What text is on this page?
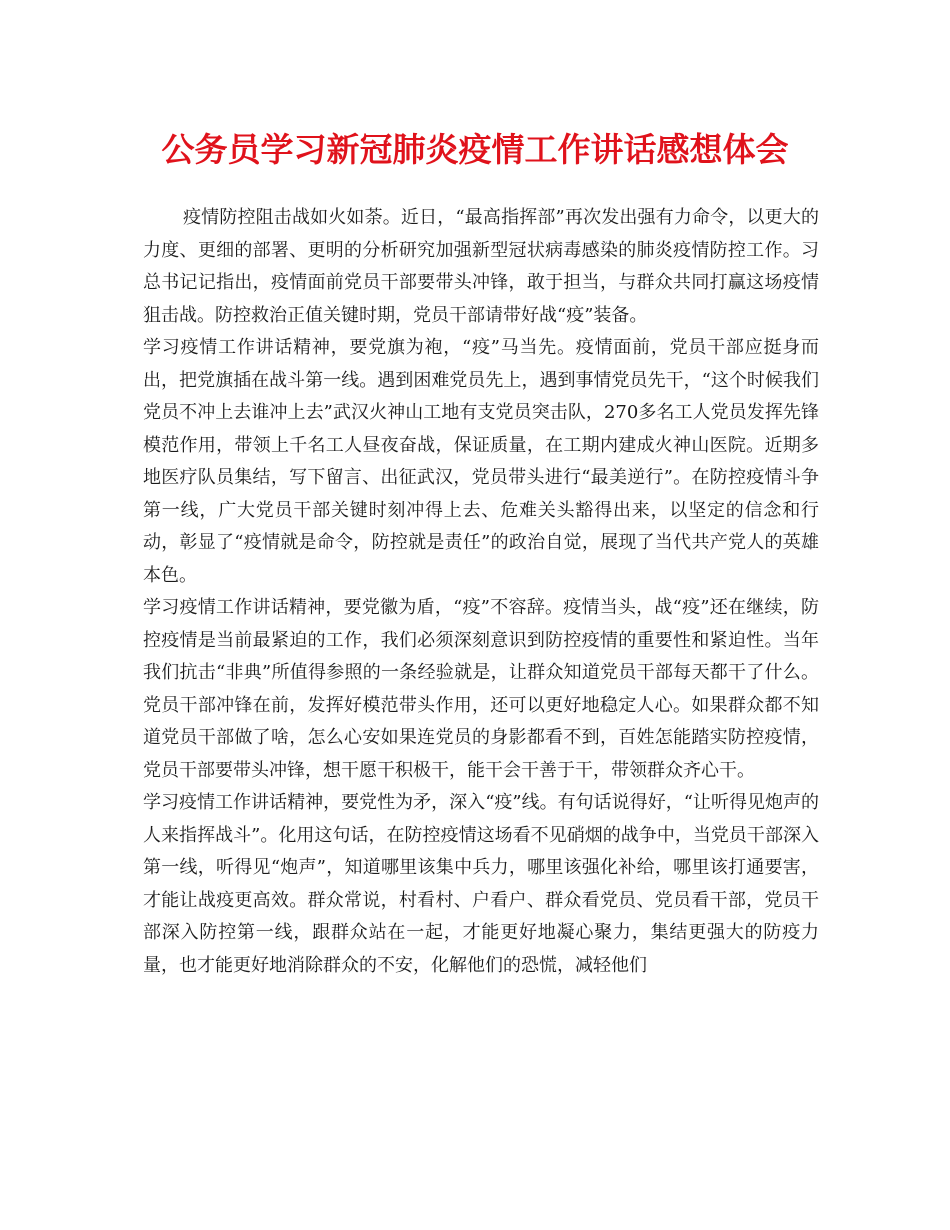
公务员学习新冠肺炎疫情工作讲话感想体会

疫情防控阻击战如火如荼。近日，“最高指挥部”再次发出强有力命令，以更大的力度、更细的部署、更明的分析研究加强新型冠状病毒感染的肺炎疫情防控工作。习总书记记指出，疫情面前党员干部要带头冲锋，敢于担当，与群众共同打赢这场疫情狙击战。防控救治正值关键时期，党员干部请带好战“疫”装备。

学习疫情工作讲话精神，要党旗为袍，“疫”马当先。疫情面前，党员干部应挺身而出，把党旗插在战斗第一线。遇到困难党员先上，遇到事情党员先干，“这个时候我们党员不冲上去谁冲上去”武汉火神山工地有支党员突击队，270多名工人党员发挥先锋模范作用，带领上千名工人昼夜奋战，保证质量，在工期内建成火神山医院。近期多地医疗队员集结，写下留言、出征武汉，党员带头进行“最美逆行”。在防控疫情斗争第一线，广大党员干部关键时刻冲得上去、危难关头豁得出来，以坚定的信念和行动，彰显了“疫情就是命令，防控就是责任”的政治自觉，展现了当代共产党人的英雄本色。

学习疫情工作讲话精神，要党徽为盾，“疫”不容辞。疫情当头，战“疫”还在继续，防控疫情是当前最紧迫的工作，我们必须深刻意识到防控疫情的重要性和紧迫性。当年我们抗击“非典”所值得参照的一条经验就是，让群众知道党员干部每天都干了什么。党员干部冲锋在前，发挥好模范带头作用，还可以更好地稳定人心。如果群众都不知道党员干部做了啥，怎么心安如果连党员的身影都看不到，百姓怎能踏实防控疫情，党员干部要带头冲锋，想干愿干积极干，能干会干善于干，带领群众齐心干。

学习疫情工作讲话精神，要党性为矛，深入“疫”线。有句话说得好，“让听得见炮声的人来指挥战斗”。化用这句话，在防控疫情这场看不见硝烟的战争中，当党员干部深入第一线，听得见“炮声”，知道哪里该集中兵力，哪里该强化补给，哪里该打通要害，才能让战疫更高效。群众常说，村看村、户看户、群众看党员、党员看干部，党员干部深入防控第一线，跟群众站在一起，才能更好地凝心聚力，集结更强大的防疫力量，也才能更好地消除群众的不安，化解他们的恐慌，减轻他们
